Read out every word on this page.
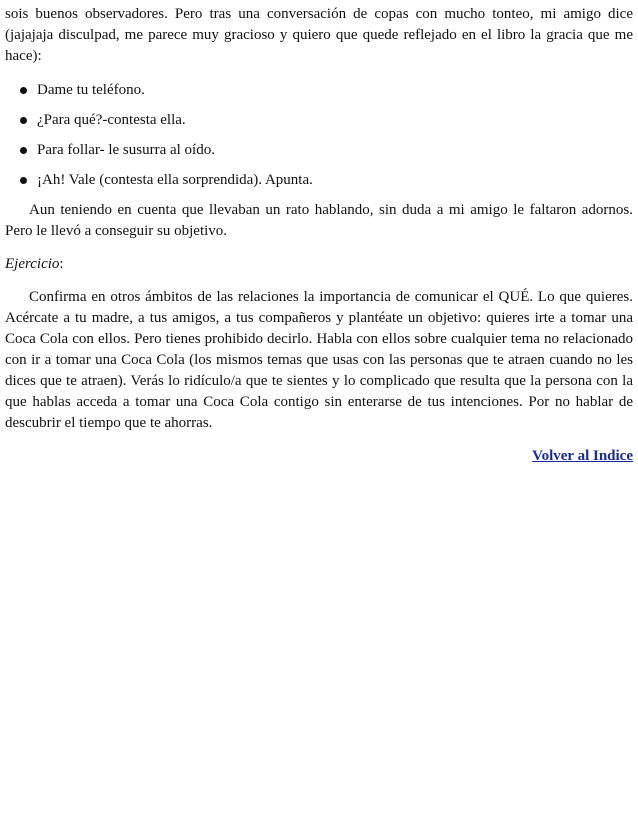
sois buenos observadores. Pero tras una conversación de copas con mucho tonteo, mi amigo dice (jajajaja disculpad, me parece muy gracioso y quiero que quede reflejado en el libro la gracia que me hace):

Dame tu teléfono.
¿Para qué?-contesta ella.
Para follar- le susurra al oído.
¡Ah! Vale (contesta ella sorprendida). Apunta.

Aun teniendo en cuenta que llevaban un rato hablando, sin duda a mi amigo le faltaron adornos. Pero le llevó a conseguir su objetivo.

Ejercicio:

Confirma en otros ámbitos de las relaciones la importancia de comunicar el QUÉ. Lo que quieres. Acércate a tu madre, a tus amigos, a tus compañeros y plantéate un objetivo: quieres irte a tomar una Coca Cola con ellos. Pero tienes prohibido decirlo. Habla con ellos sobre cualquier tema no relacionado con ir a tomar una Coca Cola (los mismos temas que usas con las personas que te atraen cuando no les dices que te atraen). Verás lo ridículo/a que te sientes y lo complicado que resulta que la persona con la que hablas acceda a tomar una Coca Cola contigo sin enterarse de tus intenciones. Por no hablar de descubrir el tiempo que te ahorras.

Volver al Indice
